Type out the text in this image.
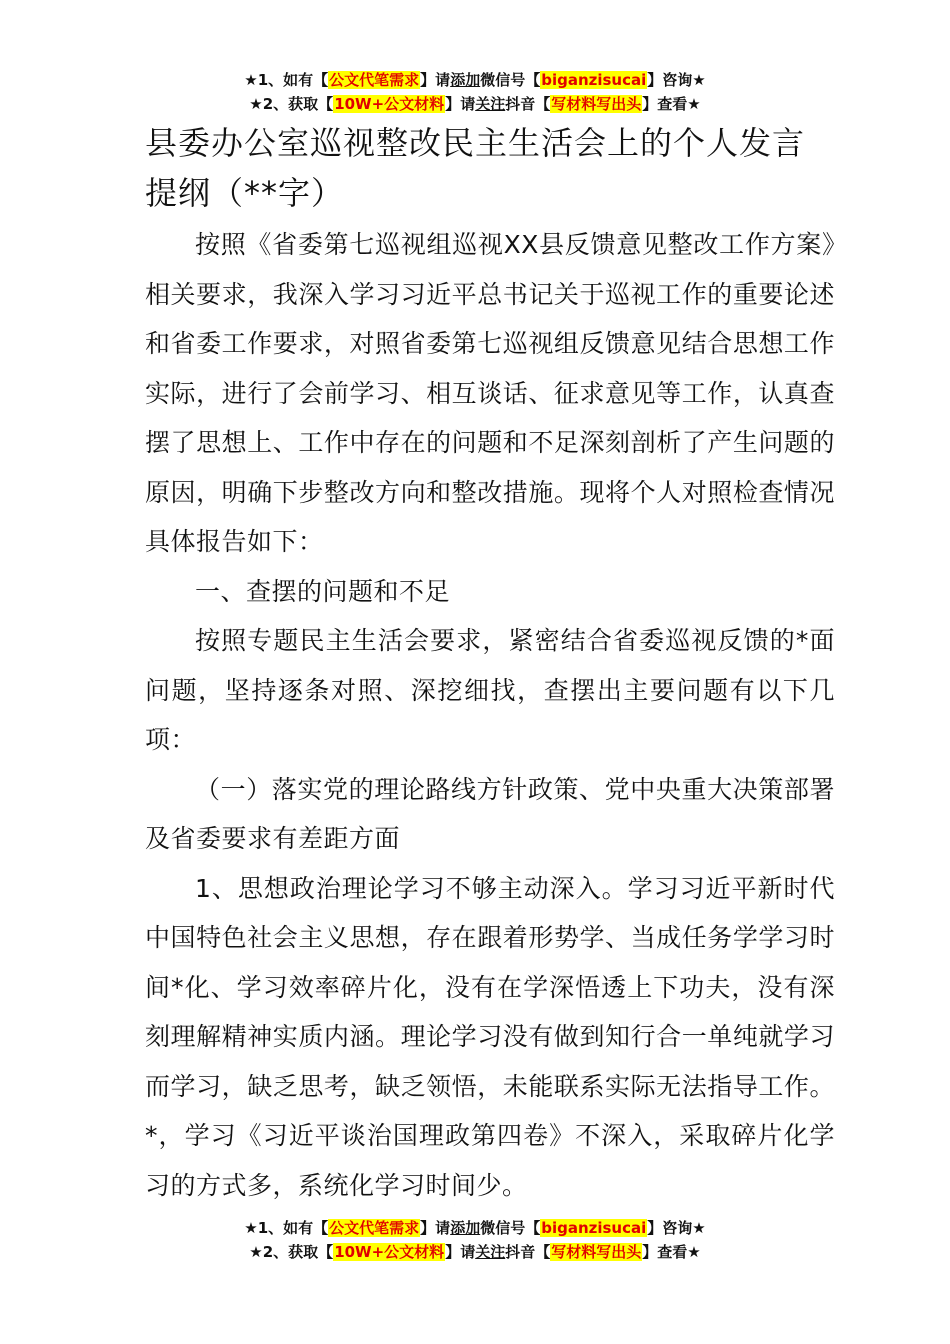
★1、如有【公文代笔需求】请添加微信号【biganzisucai】咨询★
★2、获取【10W+公文材料】请关注抖音【写材料写出头】查看★
县委办公室巡视整改民主生活会上的个人发言提纲（**字）

按照《省委第七巡视组巡视XX县反馈意见整改工作方案》相关要求，我深入学习习近平总书记关于巡视工作的重要论述和省委工作要求，对照省委第七巡视组反馈意见结合思想工作实际，进行了会前学习、相互谈话、征求意见等工作，认真查摆了思想上、工作中存在的问题和不足深刻剖析了产生问题的原因，明确下步整改方向和整改措施。现将个人对照检查情况具体报告如下：

一、查摆的问题和不足

按照专题民主生活会要求，紧密结合省委巡视反馈的*面问题，坚持逐条对照、深挖细找，查摆出主要问题有以下几项：

（一）落实党的理论路线方针政策、党中央重大决策部署及省委要求有差距方面

1、思想政治理论学习不够主动深入。学习习近平新时代中国特色社会主义思想，存在跟着形势学、当成任务学学习时间*化、学习效率碎片化，没有在学深悟透上下功夫，没有深刻理解精神实质内涵。理论学习没有做到知行合一单纯就学习而学习，缺乏思考，缺乏领悟，未能联系实际无法指导工作。*，学习《习近平谈治国理政第四卷》不深入，采取碎片化学习的方式多，系统化学习时间少。

★1、如有【公文代笔需求】请添加微信号【biganzisucai】咨询★
★2、获取【10W+公文材料】请关注抖音【写材料写出头】查看★
